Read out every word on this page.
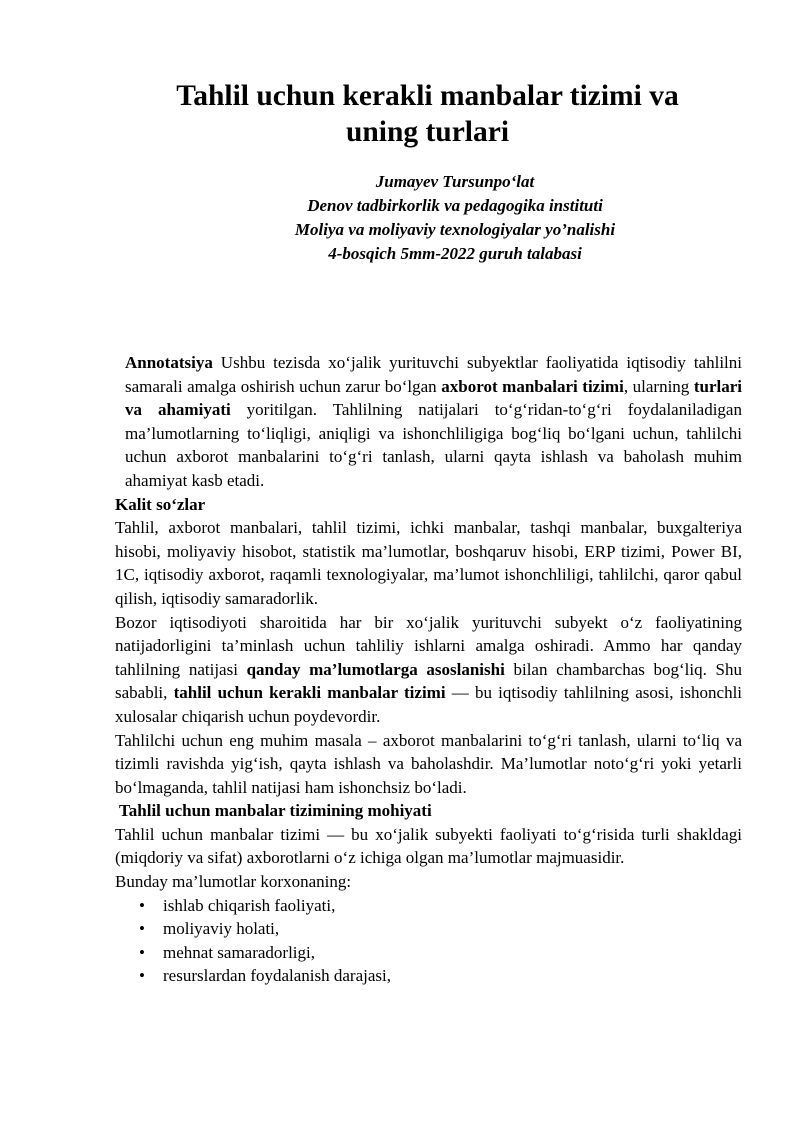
Tahlil uchun kerakli manbalar tizimi va
uning turlari
Jumayev Tursunpo‘lat
Denov tadbirkorlik va pedagogika instituti
Moliya va moliyaviy texnologiyalar yo’nalishi
4-bosqich 5mm-2022 guruh talabasi

Annotatsiya Ushbu tezisda xo‘jalik yurituvchi subyektlar faoliyatida iqtisodiy tahlilni samarali amalga oshirish uchun zarur bo‘lgan axborot manbalari tizimi, ularning turlari va ahamiyati yoritilgan. Tahlilning natijalari to‘g‘ridan-to‘g‘ri foydalaniladigan ma’lumotlarning to‘liqligi, aniqligi va ishonchliligiga bog‘liq bo‘lgani uchun, tahlilchi uchun axborot manbalarini to‘g‘ri tanlash, ularni qayta ishlash va baholash muhim ahamiyat kasb etadi.

Kalit so‘zlar

Tahlil, axborot manbalari, tahlil tizimi, ichki manbalar, tashqi manbalar, buxgalteriya hisobi, moliyaviy hisobot, statistik ma’lumotlar, boshqaruv hisobi, ERP tizimi, Power BI, 1C, iqtisodiy axborot, raqamli texnologiyalar, ma’lumot ishonchliligi, tahlilchi, qaror qabul qilish, iqtisodiy samaradorlik.

Bozor iqtisodiyoti sharoitida har bir xo‘jalik yurituvchi subyekt o‘z faoliyatining natijadorligini ta’minlash uchun tahliliy ishlarni amalga oshiradi. Ammo har qanday tahlilning natijasi qanday ma’lumotlarga asoslanishi bilan chambarchas bog‘liq. Shu sababli, tahlil uchun kerakli manbalar tizimi — bu iqtisodiy tahlilning asosi, ishonchli xulosalar chiqarish uchun poydevordir.

Tahlilchi uchun eng muhim masala – axborot manbalarini to‘g‘ri tanlash, ularni to‘liq va tizimli ravishda yig‘ish, qayta ishlash va baholashdir. Ma’lumotlar noto‘g‘ri yoki yetarli bo‘lmaganda, tahlil natijasi ham ishonchsiz bo‘ladi.

Tahlil uchun manbalar tizimining mohiyati

Tahlil uchun manbalar tizimi — bu xo‘jalik subyekti faoliyati to‘g‘risida turli shakldagi (miqdoriy va sifat) axborotlarni o‘z ichiga olgan ma’lumotlar majmuasidir.

Bunday ma’lumotlar korxonaning:

• ishlab chiqarish faoliyati,
• moliyaviy holati,
• mehnat samaradorligi,
• resurslardan foydalanish darajasi,
